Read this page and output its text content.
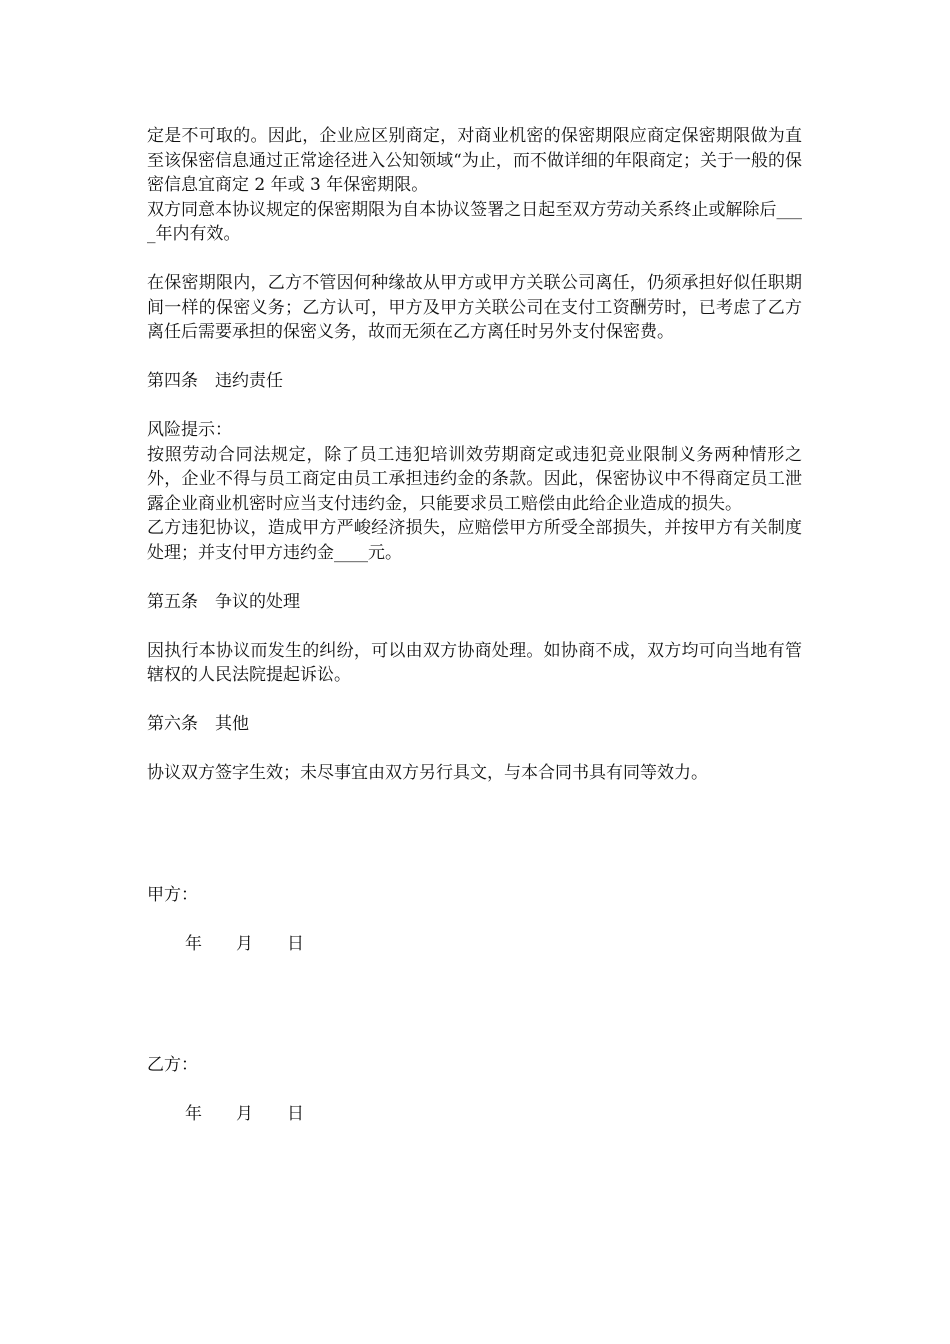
定是不可取的。因此，企业应区别商定，对商业机密的保密期限应商定保密期限做为直至该保密信息通过正常途径进入公知领域“为止，而不做详细的年限商定；关于一般的保密信息宜商定 2 年或 3 年保密期限。

双方同意本协议规定的保密期限为自本协议签署之日起至双方劳动关系终止或解除后____年内有效。

在保密期限内，乙方不管因何种缘故从甲方或甲方关联公司离任，仍须承担好似任职期间一样的保密义务；乙方认可，甲方及甲方关联公司在支付工资酬劳时，已考虑了乙方离任后需要承担的保密义务，故而无须在乙方离任时另外支付保密费。

第四条　违约责任

风险提示：

按照劳动合同法规定，除了员工违犯培训效劳期商定或违犯竞业限制义务两种情形之外，企业不得与员工商定由员工承担违约金的条款。因此，保密协议中不得商定员工泄露企业商业机密时应当支付违约金，只能要求员工赔偿由此给企业造成的损失。

乙方违犯协议，造成甲方严峻经济损失，应赔偿甲方所受全部损失，并按甲方有关制度处理；并支付甲方违约金____元。

第五条　争议的处理

因执行本协议而发生的纠纷，可以由双方协商处理。如协商不成，双方均可向当地有管辖权的人民法院提起诉讼。

第六条　其他

协议双方签字生效；未尽事宜由双方另行具文，与本合同书具有同等效力。

甲方：

年　　月　　日

乙方：

年　　月　　日
